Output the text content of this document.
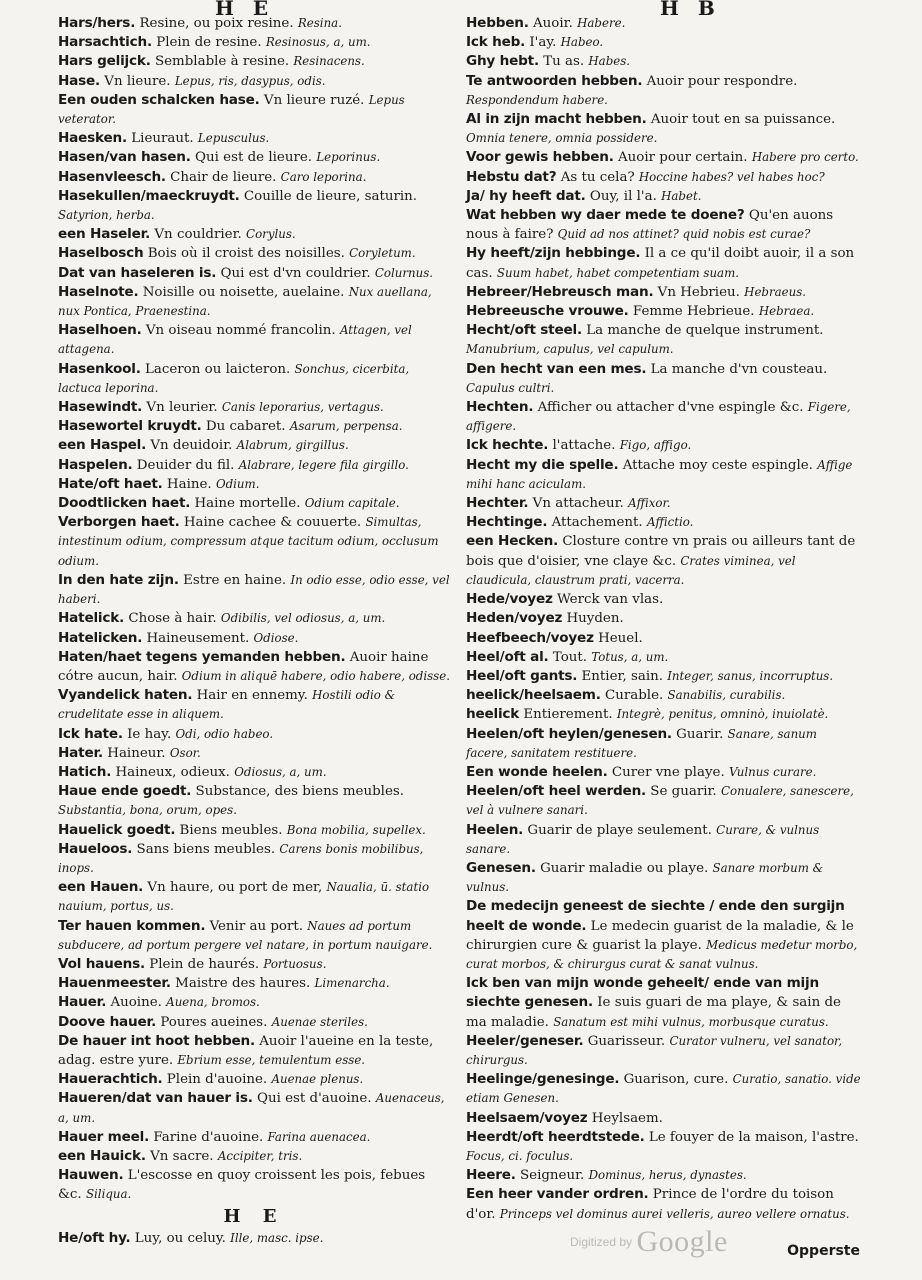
H E	H B
Hars/hers. Resine, ou poix resine. Resina.
Harsachtich. Plein de resine. Resinosus, a, um.
Hars gelijck. Semblable à resine. Resinacens.
Hase. Vn lieure. Lepus, ris, dasypus, odis.
Een ouden schalcken hase. Vn lieure ruzé. Lepus veterator.
Haesken. Lieuraut. Lepusculus.
Hasen/van hasen. Qui est de lieure. Leporinus.
Hasenvleesch. Chair de lieure. Caro leporina.
Hasekullen/maeckruydt. Couille de lieure, saturin. Satyrion, herba.
een Haseler. Vn couldrier. Corylus.
Haselbosch Bois où il croist des noisilles. Coryletum.
Dat van haseleren is. Qui est d'vn couldrier. Colurnus.
Haselnote. Noisille ou noisette, auelaine. Nux auellana, nux Pontica, Praenestina.
Haselhoen. Vn oiseau nommé francolin. Attagen, vel attagena.
Hasenkool. Laceron ou laicteron. Sonchus, cicerbita, lactuca leporina.
Hasewindt. Vn leurier. Canis leporarius, vertagus.
Hasewortel kruydt. Du cabaret. Asarum, perpensa.
een Haspel. Vn deuidoir. Alabrum, girgillus.
Haspelen. Deuider du fil. Alabrare, legere fila girgillo.
Hate/oft haet. Haine. Odium.
Doodtlicken haet. Haine mortelle. Odium capitale.
Verborgen haet. Haine cachee & couuerte. Simultas, intestinum odium, compressum atque tacitum odium, occlusum odium.
In den hate zijn. Estre en haine. In odio esse, odio esse, vel haberi.
Hatelick. Chose à hair. Odibilis, vel odiosus, a, um.
Hatelicken. Haineusement. Odiose.
Haten/haet tegens yemanden hebben. Auoir haine cótre aucun, hair. Odium in aliquē habere, odio habere, odisse.
Vyandelick haten. Hair en ennemy. Hostili odio & crudelitate esse in aliquem.
Ick hate. Ie hay. Odi, odio habeo.
Hater. Haineur. Osor.
Hatich. Haineux, odieux. Odiosus, a, um.
Haue ende goedt. Substance, des biens meubles. Substantia, bona, orum, opes.
Hauelick goedt. Biens meubles. Bona mobilia, supellex.
Haueloos. Sans biens meubles. Carens bonis mobilibus, inops.
een Hauen. Vn haure, ou port de mer, Naualia, ū. statio nauium, portus, us.
Ter hauen kommen. Venir au port. Naues ad portum subducere, ad portum pergere vel natare, in portum nauigare.
Vol hauens. Plein de haurés. Portuosus.
Hauenmeester. Maistre des haures. Limenarcha.
Hauer. Auoine. Auena, bromos.
Doove hauer. Poures aueines. Auenae steriles.
De hauer int hoot hebben. Auoir l'aueine en la teste, adag. estre yure. Ebrium esse, temulentum esse.
Hauerachtich. Plein d'auoine. Auenae plenus.
Haueren/dat van hauer is. Qui est d'auoine. Auenaceus, a, um.
Hauer meel. Farine d'auoine. Farina auenacea.
een Hauick. Vn sacre. Accipiter, tris.
Hauwen. L'escosse en quoy croissent les pois, febues &c. Siliqua.
H E
He/oft hy. Luy, ou celuy. Ille, masc. ipse.
Hebben. Auoir. Habere.
Ick heb. I'ay. Habeo.
Ghy hebt. Tu as. Habes.
Te antwoorden hebben. Auoir pour respondre. Respondendum habere.
Al in zijn macht hebben. Auoir tout en sa puissance. Omnia tenere, omnia possidere.
Voor gewis hebben. Auoir pour certain. Habere pro certo.
Hebstu dat? As tu cela? Hoccine habes? vel habes hoc?
Ja/ hy heeft dat. Ouy, il l'a. Habet.
Wat hebben wy daer mede te doene? Qu'en auons nous à faire? Quid ad nos attinet? quid nobis est curae?
Hy heeft/zijn hebbinge. Il a ce qu'il doibt auoir, il a son cas. Suum habet, habet competentiam suam.
Hebreer/Hebreusch man. Vn Hebrieu. Hebraeus.
Hebreeusche vrouwe. Femme Hebrieue. Hebraea.
Hecht/oft steel. La manche de quelque instrument. Manubrium, capulus, vel capulum.
Den hecht van een mes. La manche d'vn cousteau. Capulus cultri.
Hechten. Afficher ou attacher d'vne espingle &c. Figere, affigere.
Ick hechte. l'attache. Figo, affigo.
Hecht my die spelle. Attache moy ceste espingle. Affige mihi hanc aciculam.
Hechter. Vn attacheur. Affixor.
Hechtinge. Attachement. Affictio.
een Hecken. Closture contre vn prais ou ailleurs tant de bois que d'oisier, vne claye &c. Crates viminea, vel claudicula, claustrum prati, vacerra.
Hede/voyez Werck van vlas.
Heden/voyez Huyden.
Heefbeech/voyez Heuel.
Heel/oft al. Tout. Totus, a, um.
Heel/oft gants. Entier, sain. Integer, sanus, incorruptus.
heelick/heelsaem. Curable. Sanabilis, curabilis.
heelick Entierement. Integrè, penitus, omninò, inuiolatè.
Heelen/oft heylen/genesen. Guarir. Sanare, sanum facere, sanitatem restituere.
Een wonde heelen. Curer vne playe. Vulnus curare.
Heelen/oft heel werden. Se guarir. Conualere, sanescere, vel à vulnere sanari.
Heelen. Guarir de playe seulement. Curare, & vulnus sanare.
Genesen. Guarir maladie ou playe. Sanare morbum & vulnus.
De medecijn geneest de siechte / ende den surgijn heelt de wonde. Le medecin guarist de la maladie, & le chirurgien cure & guarist la playe. Medicus medetur morbo, curat morbos, & chirurgus curat & sanat vulnus.
Ick ben van mijn wonde geheelt/ ende van mijn siechte genesen. Ie suis guari de ma playe, & sain de ma maladie. Sanatum est mihi vulnus, morbusque curatus.
Heeler/geneser. Guarisseur. Curator vulneru, vel sanator, chirurgus.
Heelinge/genesinge. Guarison, cure. Curatio, sanatio. vide etiam Genesen.
Heelsaem/voyez Heylsaem.
Heerdt/oft heerdtstede. Le fouyer de la maison, l'astre. Focus, ci. foculus.
Heere. Seigneur. Dominus, herus, dynastes.
Een heer vander ordren. Prince de l'ordre du toison d'or. Princeps vel dominus aurei velleris, aureo vellere ornatus.
Opperste
Digitized by Google
